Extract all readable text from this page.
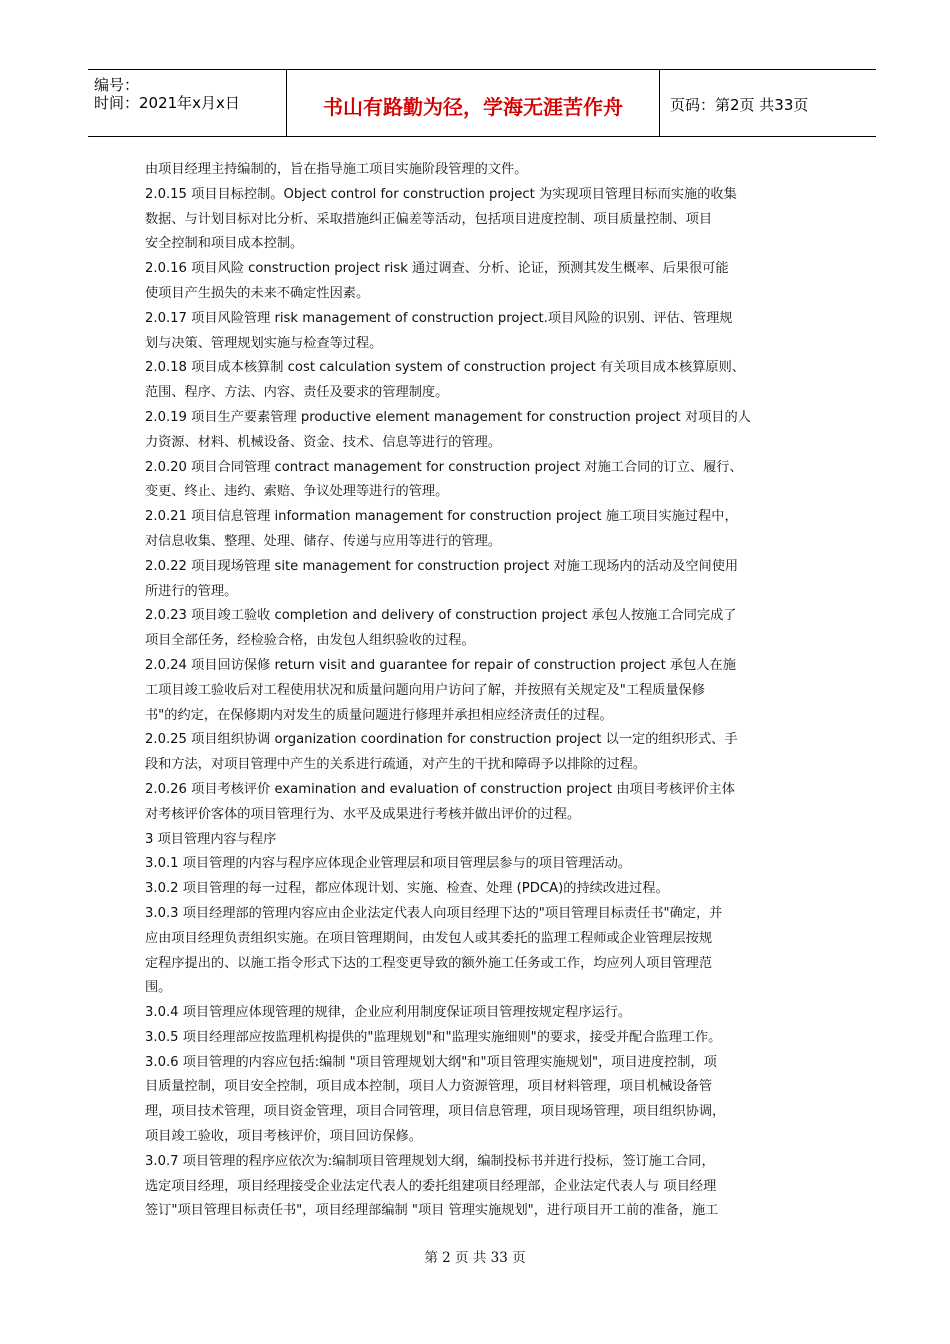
编号：
时间：2021年x月x日	书山有路勤为径，学海无涯苦作舟	页码：第2页 共33页

由项目经理主持编制的，旨在指导施工项目实施阶段管理的文件。

2.0.15 项目目标控制。Object control for construction project 为实现项目管理目标而实施的收集

数据、与计划目标对比分析、采取措施纠正偏差等活动，包括项目进度控制、项目质量控制、项目

安全控制和项目成本控制。

2.0.16 项目风险 construction project risk 通过调查、分析、论证，预测其发生概率、后果很可能

使项目产生损失的未来不确定性因素。

2.0.17 项目风险管理 risk management of construction project.项目风险的识别、评估、管理规

划与决策、管理规划实施与检查等过程。

2.0.18 项目成本核算制 cost calculation system of construction project 有关项目成本核算原则、

范围、程序、方法、内容、责任及要求的管理制度。

2.0.19 项目生产要素管理 productive element management for construction project 对项目的人

力资源、材料、机械设备、资金、技术、信息等进行的管理。

2.0.20 项目合同管理 contract management for construction project 对施工合同的订立、履行、

变更、终止、违约、索赔、争议处理等进行的管理。

2.0.21 项目信息管理 information management for construction project 施工项目实施过程中，

对信息收集、整理、处理、储存、传递与应用等进行的管理。

2.0.22 项目现场管理 site management for construction project 对施工现场内的活动及空间使用

所进行的管理。

2.0.23 项目竣工验收 completion and delivery of construction project 承包人按施工合同完成了

项目全部任务，经检验合格，由发包人组织验收的过程。

2.0.24 项目回访保修 return visit and guarantee for repair of construction project 承包人在施

工项目竣工验收后对工程使用状况和质量问题向用户访问了解，并按照有关规定及"工程质量保修

书"的约定，在保修期内对发生的质量问题进行修理并承担相应经济责任的过程。

2.0.25 项目组织协调 organization coordination for construction project 以一定的组织形式、手

段和方法，对项目管理中产生的关系进行疏通，对产生的干扰和障碍予以排除的过程。

2.0.26 项目考核评价 examination and evaluation of construction project 由项目考核评价主体

对考核评价客体的项目管理行为、水平及成果进行考核并做出评价的过程。

3 项目管理内容与程序

3.0.1 项目管理的内容与程序应体现企业管理层和项目管理层参与的项目管理活动。

3.0.2 项目管理的每一过程，都应体现计划、实施、检查、处理 (PDCA)的持续改进过程。

3.0.3 项目经理部的管理内容应由企业法定代表人向项目经理下达的"项目管理目标责任书"确定，并

应由项目经理负责组织实施。在项目管理期间，由发包人或其委托的监理工程师或企业管理层按规

定程序提出的、以施工指令形式下达的工程变更导致的额外施工任务或工作，均应列人项目管理范

围。

3.0.4 项目管理应体现管理的规律，企业应利用制度保证项目管理按规定程序运行。

3.0.5 项目经理部应按监理机构提供的"监理规划"和"监理实施细则"的要求，接受并配合监理工作。

3.0.6 项目管理的内容应包括:编制 "项目管理规划大纲"和"项目管理实施规划"，项目进度控制，项

目质量控制，项目安全控制，项目成本控制，项目人力资源管理，项目材料管理，项目机械设备管

理，项目技术管理，项目资金管理，项目合同管理，项目信息管理，项目现场管理，项目组织协调，

项目竣工验收，项目考核评价，项目回访保修。

3.0.7 项目管理的程序应依次为:编制项目管理规划大纲，编制投标书并进行投标，签订施工合同，

选定项目经理，项目经理接受企业法定代表人的委托组建项目经理部，企业法定代表人与 项目经理

签订"项目管理目标责任书"，项目经理部编制 "项目 管理实施规划"，进行项目开工前的准备，施工

第 2 页 共 33 页
